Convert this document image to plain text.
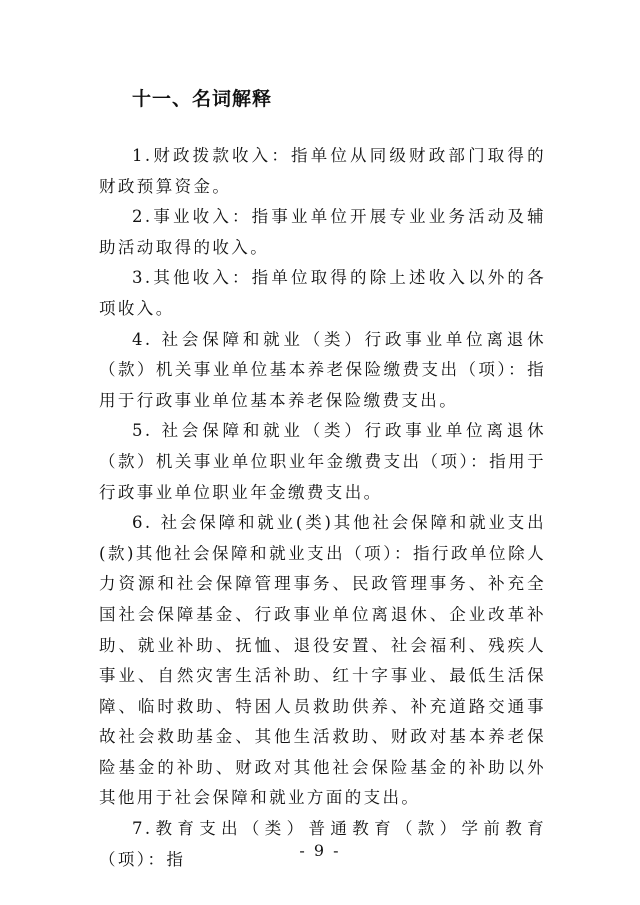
十一、名词解释

1.财政拨款收入：指单位从同级财政部门取得的财政预算资金。

2.事业收入：指事业单位开展专业业务活动及辅助活动取得的收入。

3.其他收入：指单位取得的除上述收入以外的各项收入。

4. 社会保障和就业（类）行政事业单位离退休（款）机关事业单位基本养老保险缴费支出（项）：指用于行政事业单位基本养老保险缴费支出。

5. 社会保障和就业（类）行政事业单位离退休（款）机关事业单位职业年金缴费支出（项）：指用于行政事业单位职业年金缴费支出。

6. 社会保障和就业(类)其他社会保障和就业支出(款)其他社会保障和就业支出（项）：指行政单位除人力资源和社会保障管理事务、民政管理事务、补充全国社会保障基金、行政事业单位离退休、企业改革补助、就业补助、抚恤、退役安置、社会福利、残疾人事业、自然灾害生活补助、红十字事业、最低生活保障、临时救助、特困人员救助供养、补充道路交通事故社会救助基金、其他生活救助、财政对基本养老保险基金的补助、财政对其他社会保险基金的补助以外其他用于社会保障和就业方面的支出。

7.教育支出（类）普通教育（款）学前教育（项）：指	- 9 -
